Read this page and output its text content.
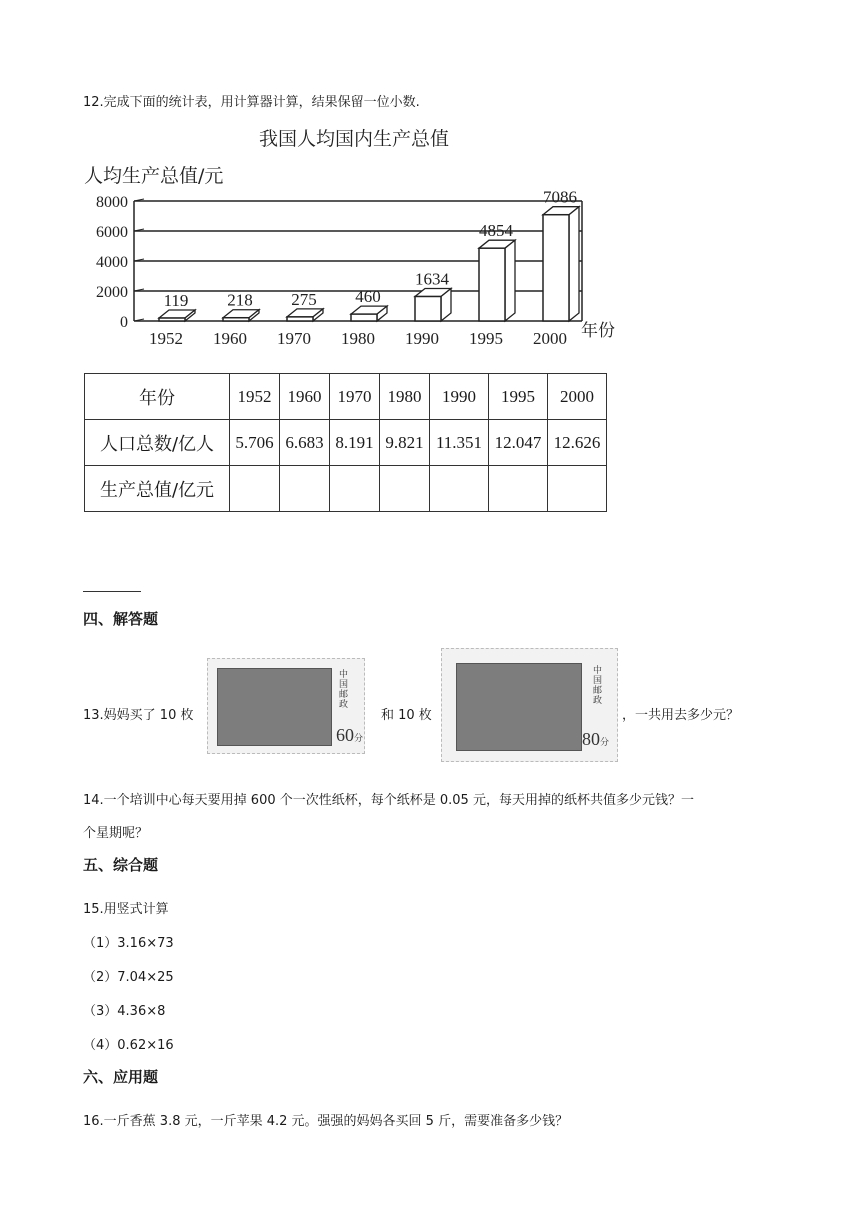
12.完成下面的统计表，用计算器计算，结果保留一位小数.
我国人均国内生产总值
人均生产总值/元
年份
0
2000
4000
6000
8000
119 218 275 460
1634
4854
7086
1952 1960 1970 1980 1990 1995 2000
年份	1952	1960	1970	1980	1990	1995	2000
人口总数/亿人	5.706	6.683	8.191	9.821	11.351	12.047	12.626
生产总值/亿元							
四、解答题
13.妈妈买了 10 枚
中国邮政
60分
和 10 枚
中国邮政
80分
，一共用去多少元？
14.一个培训中心每天要用掉 600 个一次性纸杯，每个纸杯是 0.05 元，每天用掉的纸杯共值多少元钱？一
个星期呢？
五、综合题
15.用竖式计算
（1）3.16×73
（2）7.04×25
（3）4.36×8
（4）0.62×16
六、应用题
16.一斤香蕉 3.8 元，一斤苹果 4.2 元。强强的妈妈各买回 5 斤，需要准备多少钱？
